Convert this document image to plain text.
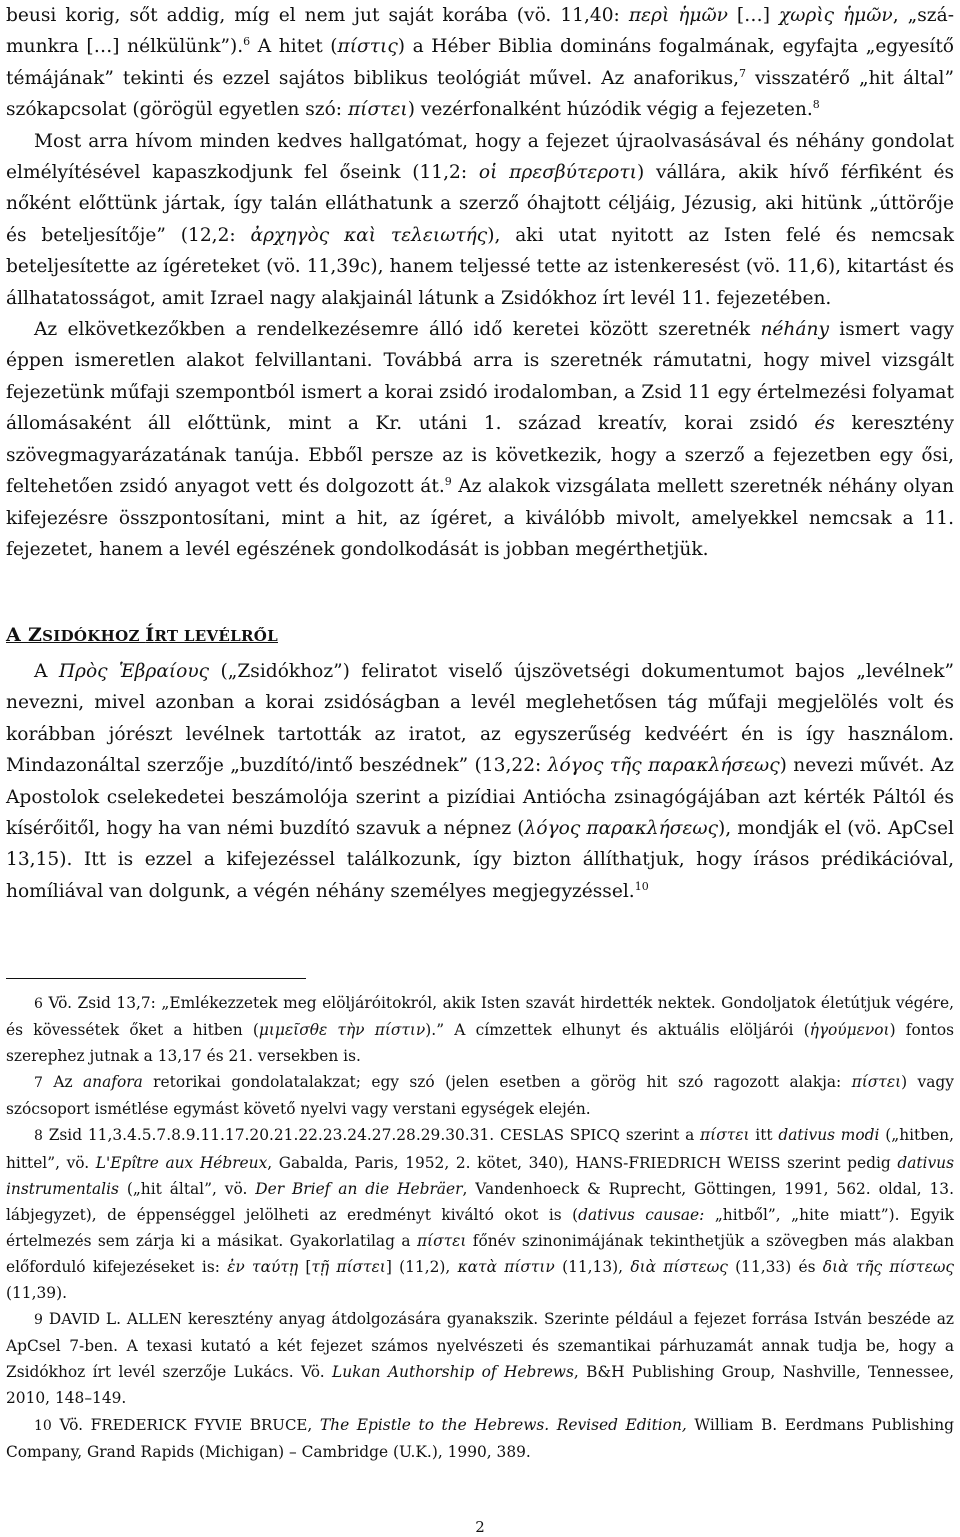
beusi korig, sőt addig, míg el nem jut saját korába (vö. 11,40: περὶ ἡμῶν […] χωρὶς ἡμῶν, „számunkra […] nélkülünk”).$^6$ A hitet (πίστις) a Héber Biblia domináns fogalmának, egyfajta „egyesítő témájának” tekinti és ezzel sajátos biblikus teológiát művel. Az anaforikus,$^7$ visszatérő „hit által” szókapcsolat (görögül egyetlen szó: πίστει) vezérfonalként húzódik végig a fejezeten.$^8$

Most arra hívom minden kedves hallgatómat, hogy a fejezet újraolvasásával és néhány gondolat elmélyítésével kapaszkodjunk fel őseink (11,2: οἱ πρεσβύτεροτι) vállára, akik hívő férfiként és nőként előttünk jártak, így talán elláthatunk a szerző óhajtott céljáig, Jézusig, aki hitünk „úttörője és beteljesítője” (12,2: ἀρχηγὸς καὶ τελειωτής), aki utat nyitott az Isten felé és nemcsak beteljesítette az ígéreteket (vö. 11,39c), hanem teljessé tette az istenkeresést (vö. 11,6), kitartást és állhatatosságot, amit Izrael nagy alakjainál látunk a Zsidókhoz írt levél 11. fejezetében.

Az elkövetkezőkben a rendelkezésemre álló idő keretei között szeretnék néhány ismert vagy éppen ismeretlen alakot felvillantani. Továbbá arra is szeretnék rámutatni, hogy mivel vizsgált fejezetünk műfaji szempontból ismert a korai zsidó irodalomban, a Zsid 11 egy értelmezési folyamat állomásaként áll előttünk, mint a Kr. utáni 1. század kreatív, korai zsidó és keresztény szövegmagyarázatának tanúja. Ebből persze az is következik, hogy a szerző a fejezetben egy ősi, feltehetően zsidó anyagot vett és dolgozott át.$^9$ Az alakok vizsgálata mellett szeretnék néhány olyan kifejezésre összpontosítani, mint a hit, az ígéret, a kiválóbb mivolt, amelyekkel nemcsak a 11. fejezetet, hanem a levél egészének gondolkodását is jobban megérthetjük.

A ZSIDÓKHOZ ÍRT LEVÉLRŐL

A Πρὸς Ἑβραίους („Zsidókhoz”) feliratot viselő újszövetségi dokumentumot bajos „levélnek” nevezni, mivel azonban a korai zsidóságban a levél meglehetősen tág műfaji megjelölés volt és korábban jórészt levélnek tartották az iratot, az egyszerűség kedvéért én is így használom. Mindazonáltal szerzője „buzdító/intő beszédnek” (13,22: λόγος τῆς παρακλήσεως) nevezi művét. Az Apostolok cselekedetei beszámolója szerint a pizídiai Antiócha zsinagógájában azt kérték Páltól és kísérőitől, hogy ha van némi buzdító szavuk a népnez (λόγος παρακλήσεως), mondják el (vö. ApCsel 13,15). Itt is ezzel a kifejezéssel találkozunk, így bizton állíthatjuk, hogy írásos prédikációval, homíliával van dolgunk, a végén néhány személyes megjegyzéssel.$^{10}$

6 Vö. Zsid 13,7: „Emlékezzetek meg elöljáróitokról, akik Isten szavát hirdették nektek. Gondoljatok életútjuk végére, és kövessétek őket a hitben (μιμεῖσθε τὴν πίστιν).” A címzettek elhunyt és aktuális elöljárói (ἡγούμενοι) fontos szerephez jutnak a 13,17 és 21. versekben is.

7 Az anafora retorikai gondolatalakzat; egy szó (jelen esetben a görög hit szó ragozott alakja: πίστει) vagy szócsoport ismétlése egymást követő nyelvi vagy verstani egységek elején.

8 Zsid 11,3.4.5.7.8.9.11.17.20.21.22.23.24.27.28.29.30.31. CESLAS SPICQ szerint a πίστει itt dativus modi („hitben, hittel”, vö. L'Epître aux Hébreux, Gabalda, Paris, 1952, 2. kötet, 340), HANS-FRIEDRICH WEISS szerint pedig dativus instrumentalis („hit által”, vö. Der Brief an die Hebräer, Vandenhoeck & Ruprecht, Göttingen, 1991, 562. oldal, 13. lábjegyzet), de éppenséggel jelölheti az eredményt kiváltó okot is (dativus causae: „hitből”, „hite miatt”). Egyik értelmezés sem zárja ki a másikat. Gyakorlatilag a πίστει főnév szinonimájának tekinthetjük a szövegben más alakban előforduló kifejezéseket is: ἐν ταύτῃ [τῇ πίστει] (11,2), κατὰ πίστιν (11,13), διὰ πίστεως (11,33) és διὰ τῆς πίστεως (11,39).

9 DAVID L. ALLEN keresztény anyag átdolgozására gyanakszik. Szerinte például a fejezet forrása István beszéde az ApCsel 7-ben. A texasi kutató a két fejezet számos nyelvészeti és szemantikai párhuzamát annak tudja be, hogy a Zsidókhoz írt levél szerzője Lukács. Vö. Lukan Authorship of Hebrews, B&H Publishing Group, Nashville, Tennessee, 2010, 148–149.

10 Vö. FREDERICK FYVIE BRUCE, The Epistle to the Hebrews. Revised Edition, William B. Eerdmans Publishing Company, Grand Rapids (Michigan) – Cambridge (U.K.), 1990, 389.

2
